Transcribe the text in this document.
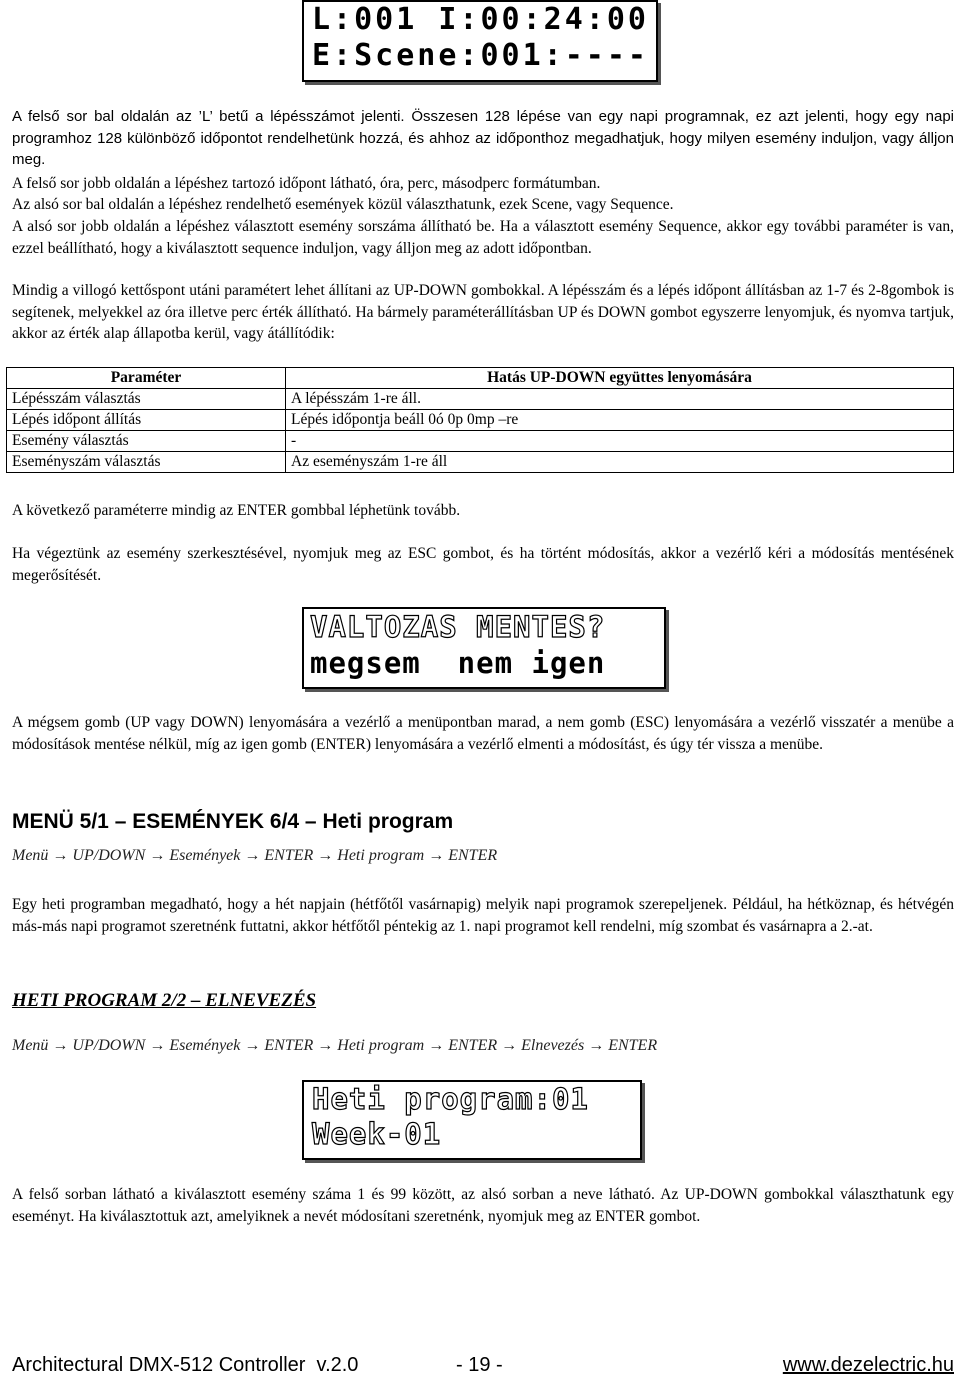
L:001 I:00:24:00
E:Scene:001:----

A felső sor bal oldalán az ’L’ betű a lépésszámot jelenti. Összesen 128 lépése van egy napi programnak, ez azt jelenti, hogy egy napi programhoz 128 különböző időpontot rendelhetünk hozzá, és ahhoz az időponthoz megadhatjuk, hogy milyen esemény induljon, vagy álljon meg.

A felső sor jobb oldalán a lépéshez tartozó időpont látható, óra, perc, másodperc formátumban.

Az alsó sor bal oldalán a lépéshez rendelhető események közül választhatunk, ezek Scene, vagy Sequence.

A alsó sor jobb oldalán a lépéshez választott esemény sorszáma állítható be. Ha a választott esemény Sequence, akkor egy további paraméter is van, ezzel beállítható, hogy a kiválasztott sequence induljon, vagy álljon meg az adott időpontban.

Mindig a villogó kettőspont utáni paramétert lehet állítani az UP-DOWN gombokkal. A lépésszám és a lépés időpont állításban az 1-7 és 2-8gombok is segítenek, melyekkel az óra illetve perc érték állítható. Ha bármely paraméterállításban UP és DOWN gombot egyszerre lenyomjuk, és nyomva tartjuk, akkor az érték alap állapotba kerül, vagy átállítódik:

Paraméter	Hatás UP-DOWN együttes lenyomására
Lépésszám választás	A lépésszám 1-re áll.
Lépés időpont állítás	Lépés időpontja beáll 0ó 0p 0mp –re
Esemény választás	-
Eseményszám választás	Az eseményszám 1-re áll

A következő paraméterre mindig az ENTER gombbal léphetünk tovább.

Ha végeztünk az esemény szerkesztésével, nyomjuk meg az ESC gombot, és ha történt módosítás, akkor a vezérlő kéri a módosítás mentésének megerősítését.

VALTOZAS MENTES?
megsem  nem igen

A mégsem gomb (UP vagy DOWN) lenyomására a vezérlő a menüpontban marad, a nem gomb (ESC) lenyomására a vezérlő visszatér a menübe a módosítások mentése nélkül, míg az igen gomb (ENTER) lenyomására a vezérlő elmenti a módosítást, és úgy tér vissza a menübe.

MENÜ 5/1 – ESEMÉNYEK 6/4 – Heti program

Menü → UP/DOWN → Események → ENTER → Heti program → ENTER

Egy heti programban megadható, hogy a hét napjain (hétfőtől vasárnapig) melyik napi programok szerepeljenek. Például, ha hétköznap, és hétvégén más-más napi programot szeretnénk futtatni, akkor hétfőtől péntekig az 1. napi programot kell rendelni, míg szombat és vasárnapra a 2.-at.

HETI PROGRAM 2/2 – ELNEVEZÉS

Menü → UP/DOWN → Események → ENTER → Heti program → ENTER → Elnevezés → ENTER

Heti program:01
Week-01

A felső sorban látható a kiválasztott esemény száma 1 és 99 között, az alsó sorban a neve látható. Az UP-DOWN gombokkal választhatunk egy eseményt. Ha kiválasztottuk azt, amelyiknek a nevét módosítani szeretnénk, nyomjuk meg az ENTER gombot.

Architectural DMX-512 Controller  v.2.0	- 19 -	www.dezelectric.hu
